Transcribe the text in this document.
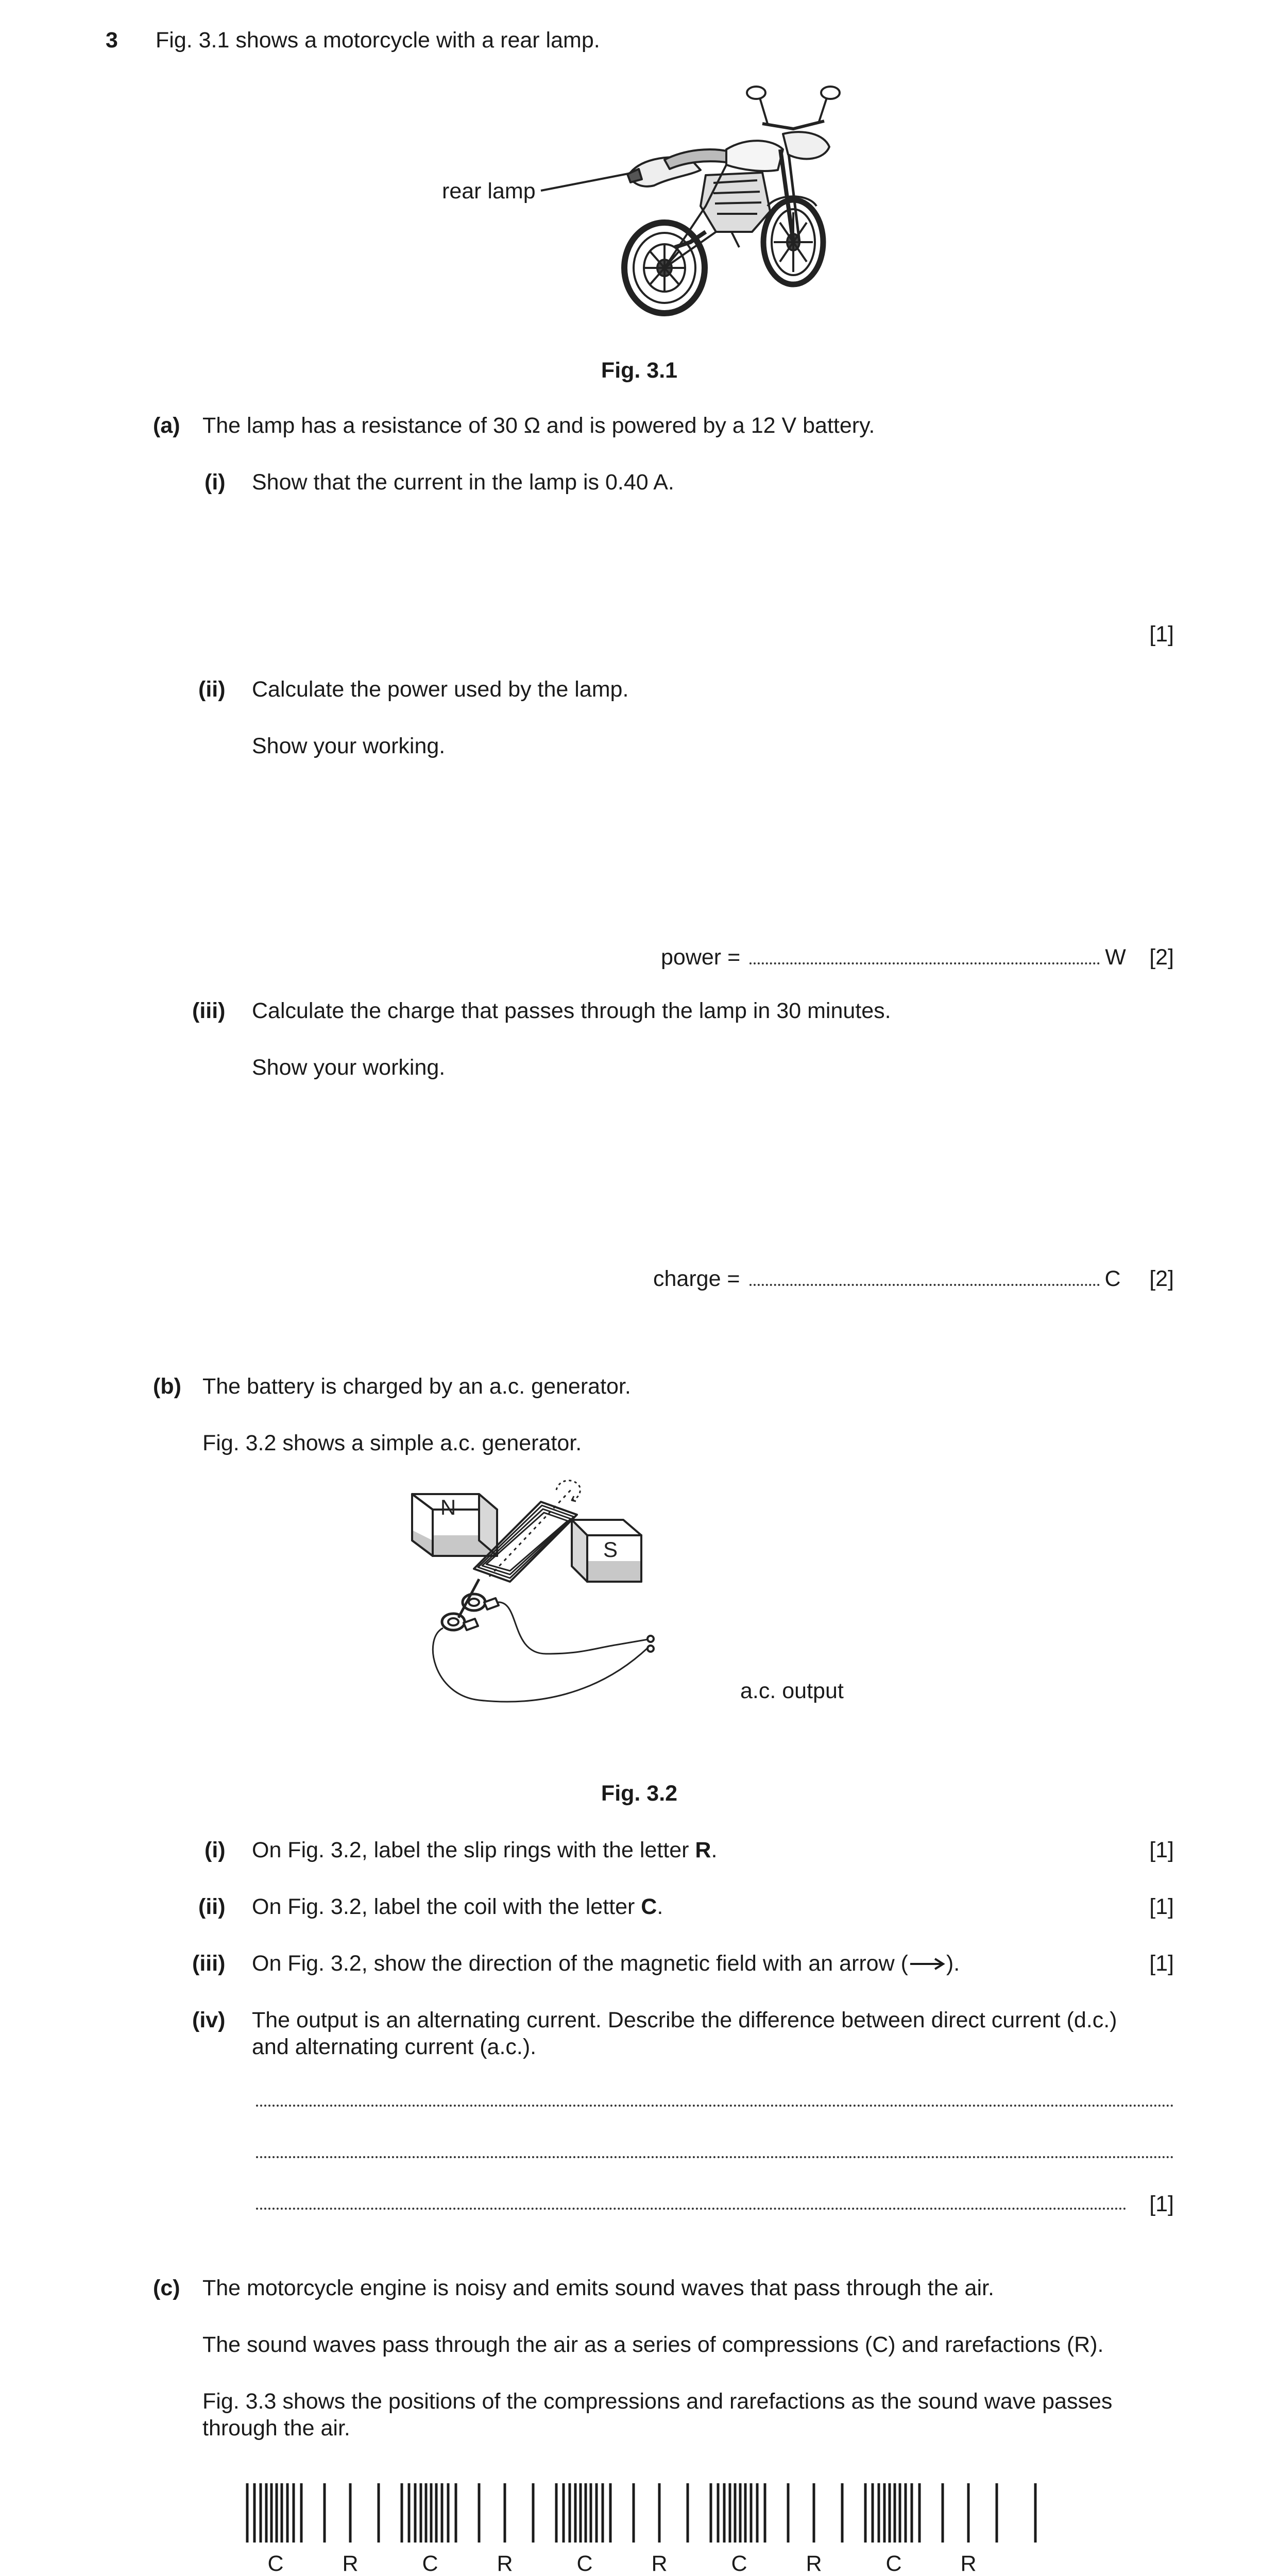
3 Fig. 3.1 shows a motorcycle with a rear lamp.
rear lamp
Fig. 3.1
(a) The lamp has a resistance of 30 Ω and is powered by a 12 V battery.
(i) Show that the current in the lamp is 0.40 A.
[1]
(ii) Calculate the power used by the lamp.
Show your working.
power =	W [2]
(iii) Calculate the charge that passes through the lamp in 30 minutes.
Show your working.
charge =	C [2]
(b) The battery is charged by an a.c. generator.
Fig. 3.2 shows a simple a.c. generator.
N
S
a.c. output
Fig. 3.2
(i) On Fig. 3.2, label the slip rings with the letter R.	[1]
(ii) On Fig. 3.2, label the coil with the letter C.	[1]
(iii) On Fig. 3.2, show the direction of the magnetic field with an arrow ( ).	[1]
(iv) The output is an alternating current. Describe the difference between direct current (d.c.)
and alternating current (a.c.).
[1]
(c) The motorcycle engine is noisy and emits sound waves that pass through the air.
The sound waves pass through the air as a series of compressions (C) and rarefactions (R).
Fig. 3.3 shows the positions of the compressions and rarefactions as the sound wave passes
through the air.
C	R	C	R	C	R	C	R	C	R
